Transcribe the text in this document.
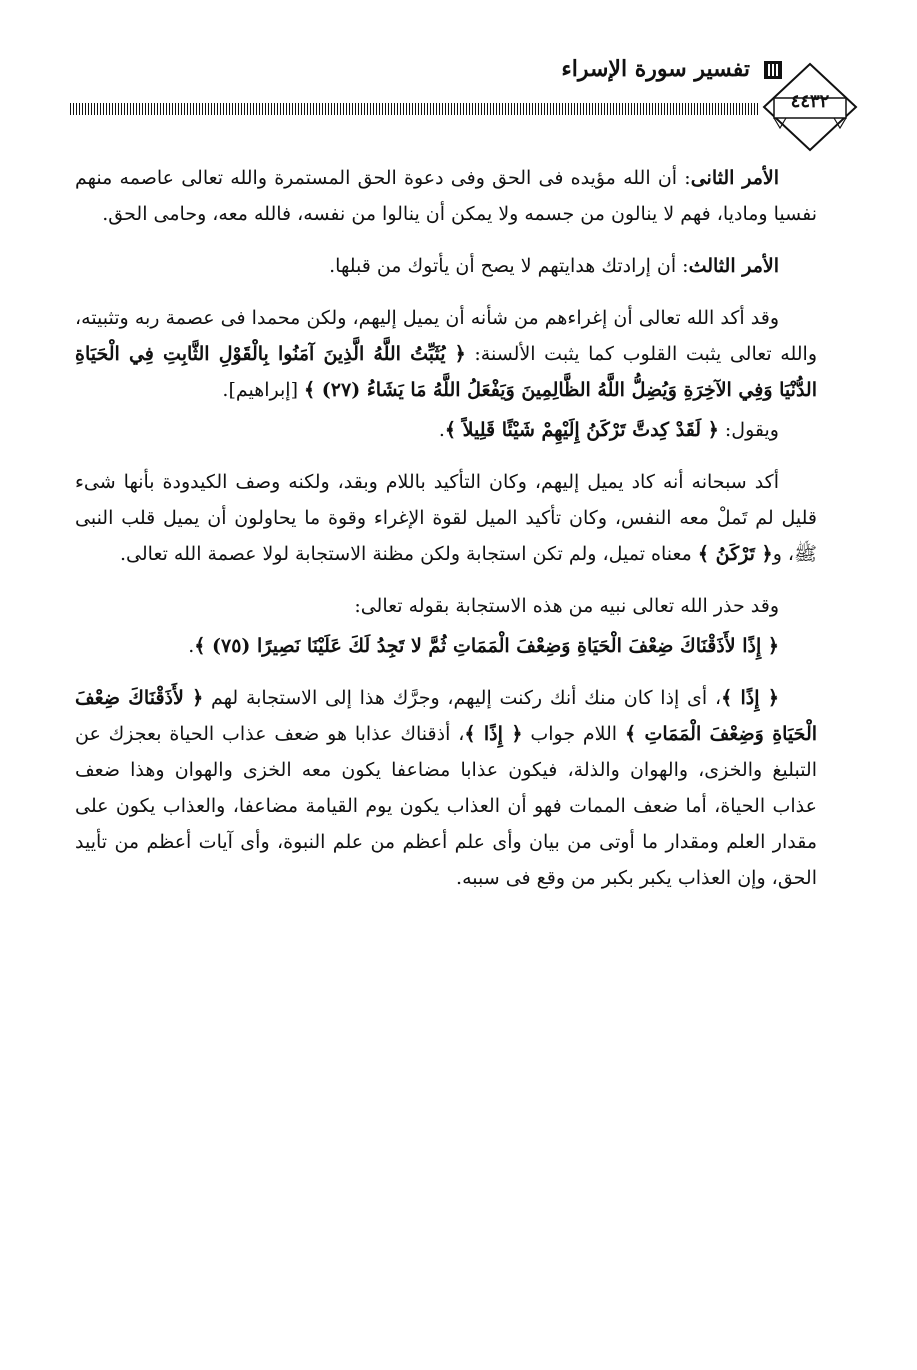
تفسير سورة الإسراء
٤٤٣٢

الأمر الثانى: أن الله مؤيده فى الحق وفى دعوة الحق المستمرة والله تعالى عاصمه منهم نفسيا وماديا، فهم لا ينالون من جسمه ولا يمكن أن ينالوا من نفسه، فالله معه، وحامى الحق.

الأمر الثالث: أن إرادتك هدايتهم لا يصح أن يأتوك من قبلها.

وقد أكد الله تعالى أن إغراءهم من شأنه أن يميل إليهم، ولكن محمدا فى عصمة ربه وتثبيته، والله تعالى يثبت القلوب كما يثبت الألسنة: ﴿ يُثَبِّتُ اللَّهُ الَّذِينَ آمَنُوا بِالْقَوْلِ الثَّابِتِ فِي الْحَيَاةِ الدُّنْيَا وَفِي الآخِرَةِ وَيُضِلُّ اللَّهُ الظَّالِمِينَ وَيَفْعَلُ اللَّهُ مَا يَشَاءُ (٢٧) ﴾ [إبراهيم].

ويقول: ﴿ لَقَدْ كِدتَّ تَرْكَنُ إِلَيْهِمْ شَيْئًا قَلِيلاً ﴾.

أكد سبحانه أنه كاد يميل إليهم، وكان التأكيد باللام وبقد، ولكنه وصف الكيدودة بأنها شىء قليل لم تَملْ معه النفس، وكان تأكيد الميل لقوة الإغراء وقوة ما يحاولون أن يميل قلب النبى ﷺ، و﴿ تَرْكَنُ ﴾ معناه تميل، ولم تكن استجابة ولكن مظنة الاستجابة لولا عصمة الله تعالى.

وقد حذر الله تعالى نبيه من هذه الاستجابة بقوله تعالى:

﴿ إِذًا لأَذَقْنَاكَ ضِعْفَ الْحَيَاةِ وَضِعْفَ الْمَمَاتِ ثُمَّ لا تَجِدُ لَكَ عَلَيْنَا نَصِيرًا (٧٥) ﴾.

﴿ إِذًا ﴾، أى إذا كان منك أنك ركنت إليهم، وجرَّك هذا إلى الاستجابة لهم ﴿ لأَذَقْنَاكَ ضِعْفَ الْحَيَاةِ وَضِعْفَ الْمَمَاتِ ﴾ اللام جواب ﴿ إِذًا ﴾، أذقناك عذابا هو ضعف عذاب الحياة بعجزك عن التبليغ والخزى، والهوان والذلة، فيكون عذابا مضاعفا يكون معه الخزى والهوان وهذا ضعف عذاب الحياة، أما ضعف الممات فهو أن العذاب يكون يوم القيامة مضاعفا، والعذاب يكون على مقدار العلم ومقدار ما أوتى من بيان وأى علم أعظم من علم النبوة، وأى آيات أعظم من تأييد الحق، وإن العذاب يكبر بكبر من وقع فى سببه.
